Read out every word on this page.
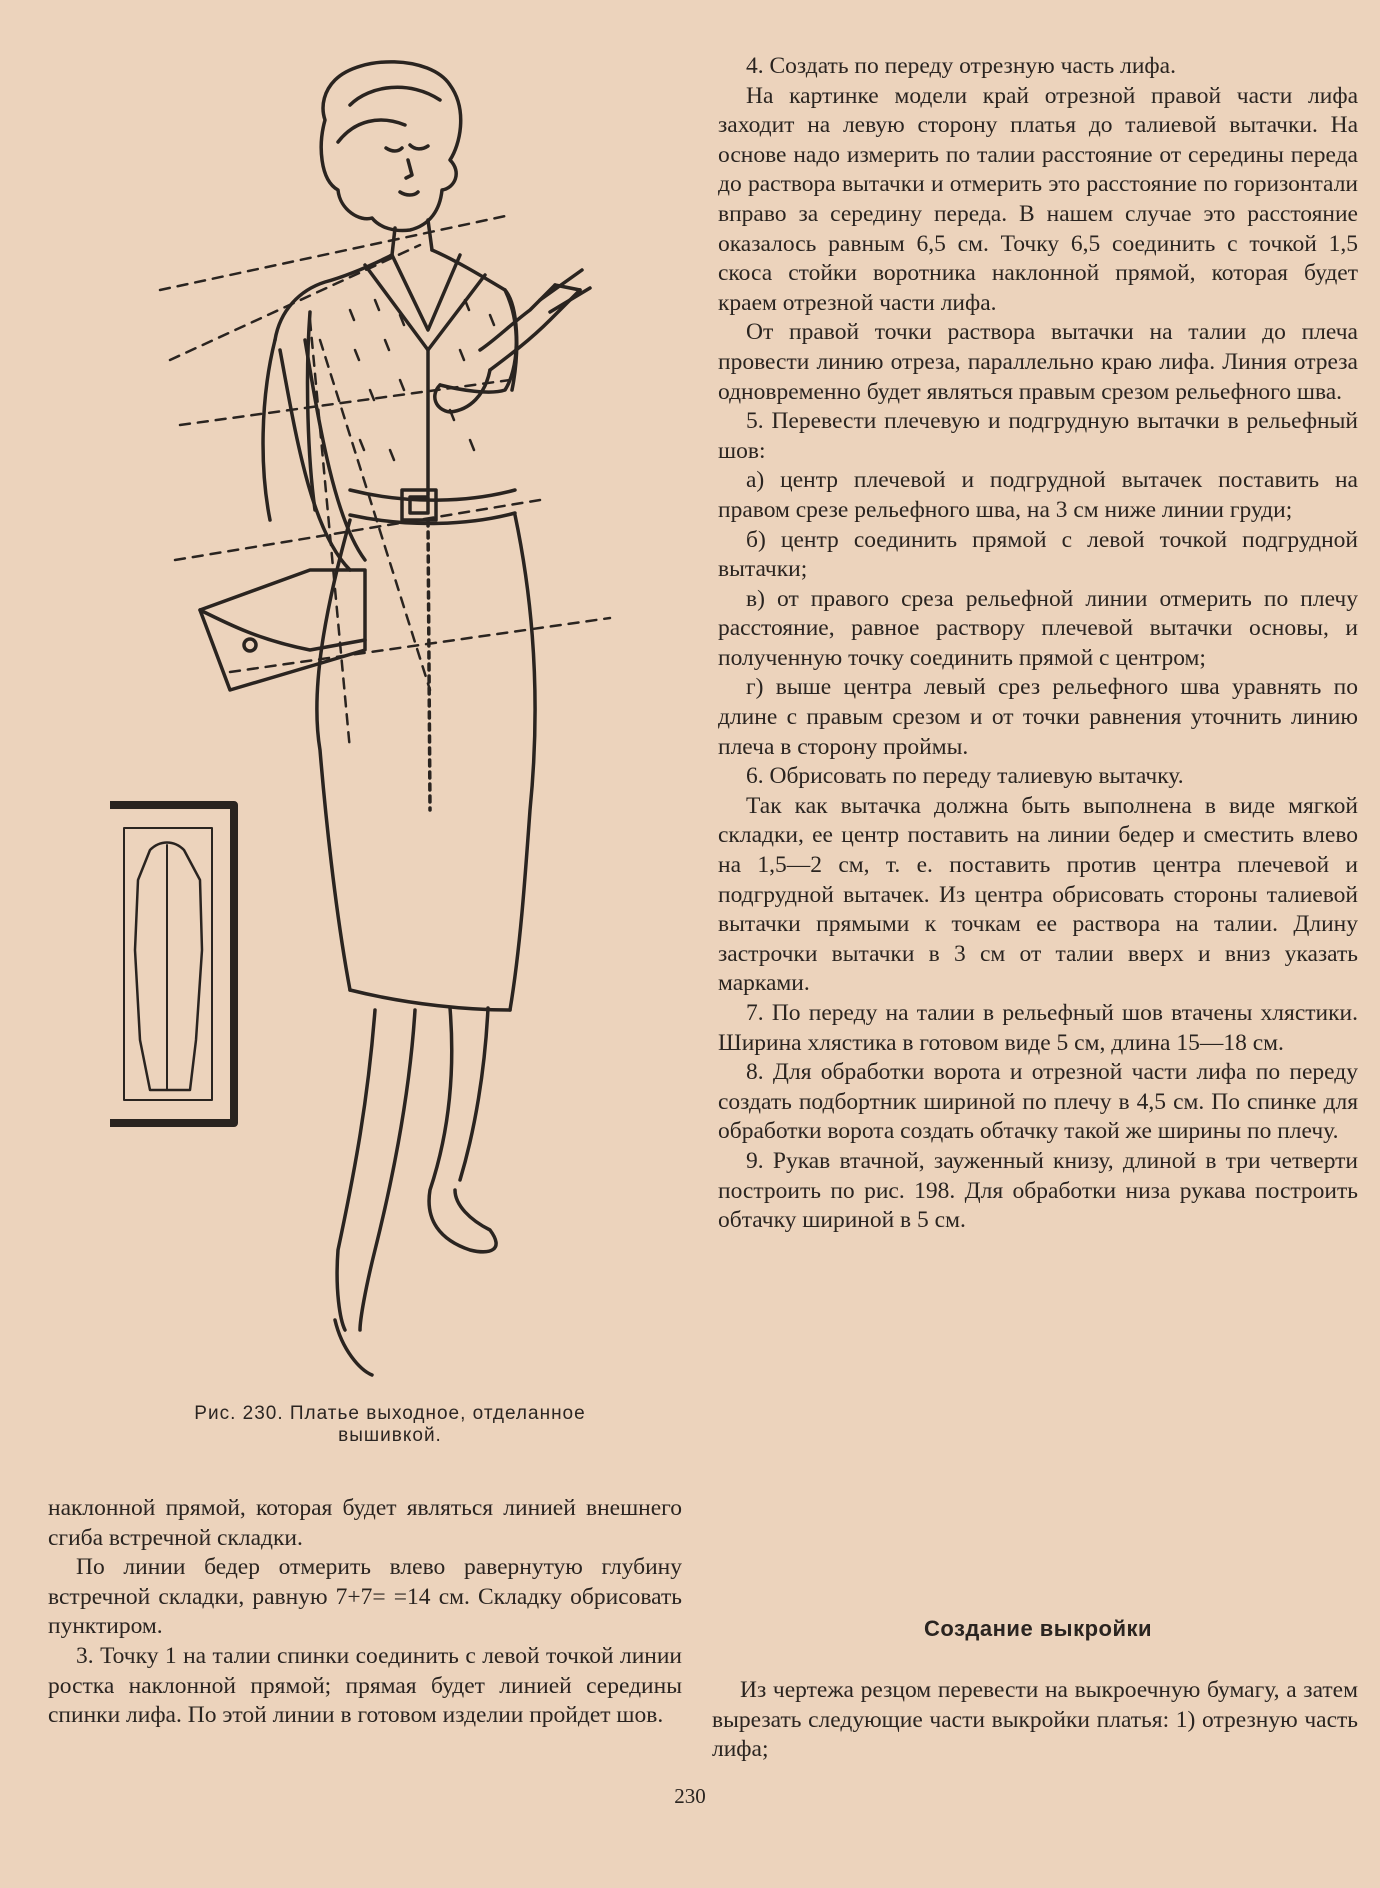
Рис. 230. Платье выходное, отделанное
вышивкой.

4. Создать по переду отрезную часть лифа.

На картинке модели край отрезной правой части лифа заходит на левую сторону платья до талиевой вытачки. На основе надо измерить по талии расстояние от середины переда до раствора вытачки и отмерить это расстояние по горизонтали вправо за середину переда. В нашем случае это расстояние оказалось равным 6,5 см. Точку 6,5 соединить с точкой 1,5 скоса стойки воротника наклонной прямой, которая будет краем отрезной части лифа.

От правой точки раствора вытачки на талии до плеча провести линию отреза, параллельно краю лифа. Линия отреза одновременно будет являться правым срезом рельефного шва.

5. Перевести плечевую и подгрудную вытачки в рельефный шов:

а) центр плечевой и подгрудной вытачек поставить на правом срезе рельефного шва, на 3 см ниже линии груди;

б) центр соединить прямой с левой точкой подгрудной вытачки;

в) от правого среза рельефной линии отмерить по плечу расстояние, равное раствору плечевой вытачки основы, и полученную точку соединить прямой с центром;

г) выше центра левый срез рельефного шва уравнять по длине с правым срезом и от точки равнения уточнить линию плеча в сторону проймы.

6. Обрисовать по переду талиевую вытачку.

Так как вытачка должна быть выполнена в виде мягкой складки, ее центр поставить на линии бедер и сместить влево на 1,5—2 см, т. е. поставить против центра плечевой и подгрудной вытачек. Из центра обрисовать стороны талиевой вытачки прямыми к точкам ее раствора на талии. Длину застрочки вытачки в 3 см от талии вверх и вниз указать марками.

7. По переду на талии в рельефный шов втачены хлястики. Ширина хлястика в готовом виде 5 см, длина 15—18 см.

8. Для обработки ворота и отрезной части лифа по переду создать подбортник шириной по плечу в 4,5 см. По спинке для обработки ворота создать обтачку такой же ширины по плечу.

9. Рукав втачной, зауженный книзу, длиной в три четверти построить по рис. 198. Для обработки низа рукава построить обтачку шириной в 5 см.

наклонной прямой, которая будет являться линией внешнего сгиба встречной складки.

По линии бедер отмерить влево равернутую глубину встречной складки, равную 7+7= =14 см. Складку обрисовать пунктиром.

3. Точку 1 на талии спинки соединить с левой точкой линии ростка наклонной прямой; прямая будет линией середины спинки лифа. По этой линии в готовом изделии пройдет шов.

Создание выкройки

Из чертежа резцом перевести на выкроечную бумагу, а затем вырезать следующие части выкройки платья: 1) отрезную часть лифа;

230
